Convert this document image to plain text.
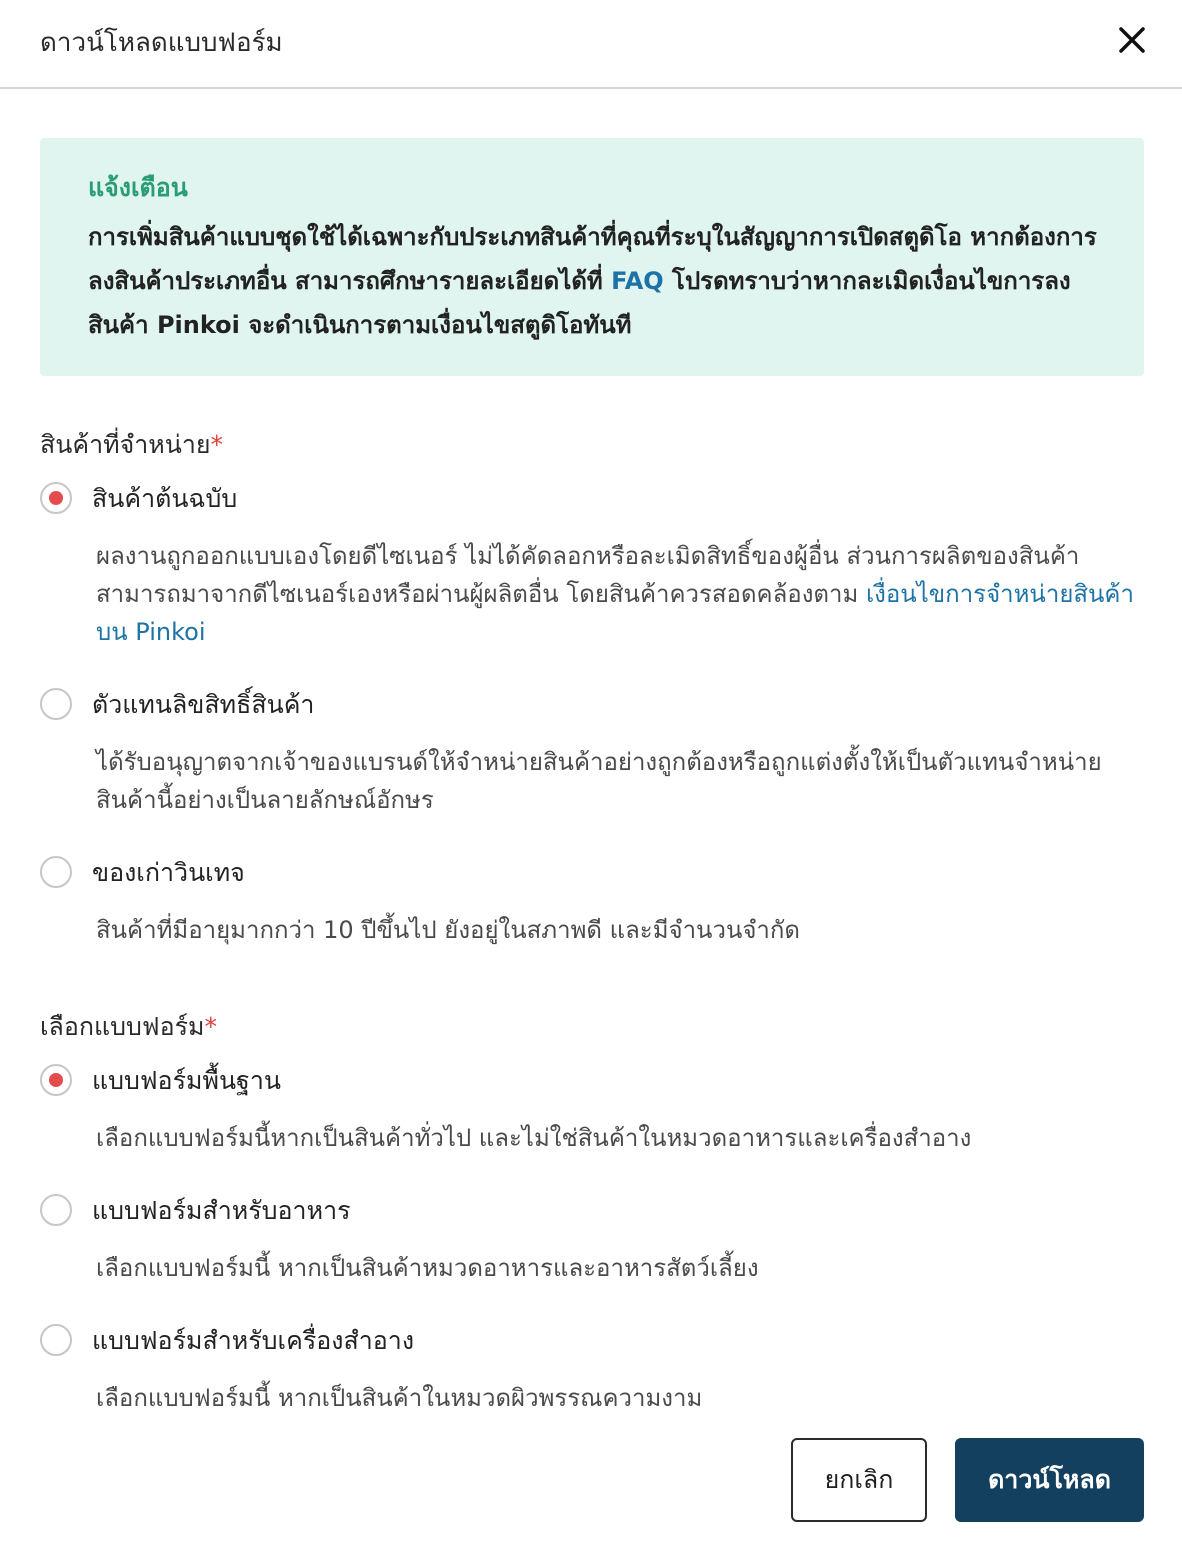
ดาวน์โหลดแบบฟอร์ม
แจ้งเตือน
การเพิ่มสินค้าแบบชุดใช้ได้เฉพาะกับประเภทสินค้าที่คุณที่ระบุในสัญญาการเปิดสตูดิโอ หากต้องการลงสินค้าประเภทอื่น สามารถศึกษารายละเอียดได้ที่ FAQ โปรดทราบว่าหากละเมิดเงื่อนไขการลงสินค้า Pinkoi จะดำเนินการตามเงื่อนไขสตูดิโอทันที
สินค้าที่จำหน่าย*
สินค้าต้นฉบับ
ผลงานถูกออกแบบเองโดยดีไซเนอร์ ไม่ได้คัดลอกหรือละเมิดสิทธิ์ของผู้อื่น ส่วนการผลิตของสินค้าสามารถมาจากดีไซเนอร์เองหรือผ่านผู้ผลิตอื่น โดยสินค้าควรสอดคล้องตาม เงื่อนไขการจำหน่ายสินค้าบน Pinkoi
ตัวแทนลิขสิทธิ์สินค้า
ได้รับอนุญาตจากเจ้าของแบรนด์ให้จำหน่ายสินค้าอย่างถูกต้องหรือถูกแต่งตั้งให้เป็นตัวแทนจำหน่ายสินค้านี้อย่างเป็นลายลักษณ์อักษร
ของเก่าวินเทจ
สินค้าที่มีอายุมากกว่า 10 ปีขึ้นไป ยังอยู่ในสภาพดี และมีจำนวนจำกัด
เลือกแบบฟอร์ม*
แบบฟอร์มพื้นฐาน
เลือกแบบฟอร์มนี้หากเป็นสินค้าทั่วไป และไม่ใช่สินค้าในหมวดอาหารและเครื่องสำอาง
แบบฟอร์มสำหรับอาหาร
เลือกแบบฟอร์มนี้ หากเป็นสินค้าหมวดอาหารและอาหารสัตว์เลี้ยง
แบบฟอร์มสำหรับเครื่องสำอาง
เลือกแบบฟอร์มนี้ หากเป็นสินค้าในหมวดผิวพรรณความงาม
ยกเลิก	ดาวน์โหลด
